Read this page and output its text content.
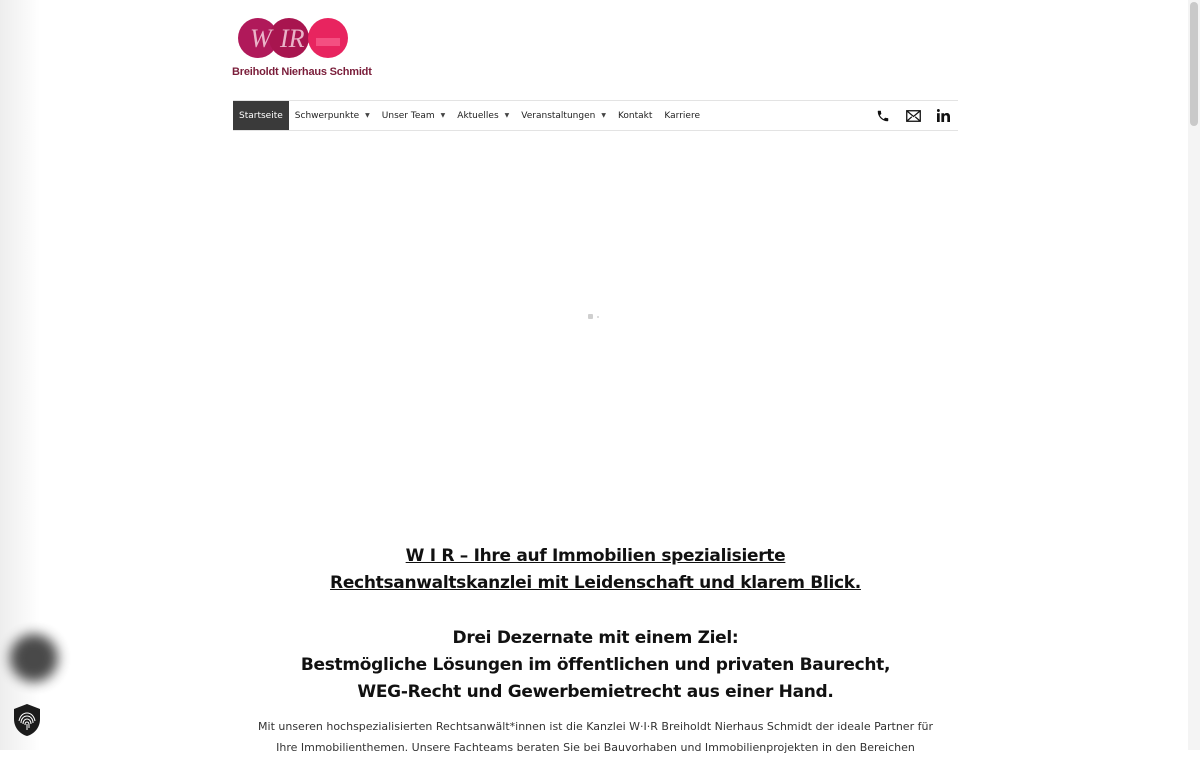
W IR
Breiholdt Nierhaus Schmidt
Startseite Schwerpunkte ▼ Unser Team ▼ Aktuelles ▼ Veranstaltungen ▼ Kontakt Karriere
W I R – Ihre auf Immobilien spezialisierte
Rechtsanwaltskanzlei mit Leidenschaft und klarem Blick.
Drei Dezernate mit einem Ziel:
Bestmögliche Lösungen im öffentlichen und privaten Baurecht,
WEG-Recht und Gewerbemietrecht aus einer Hand.
Mit unseren hochspezialisierten Rechtsanwält*innen ist die Kanzlei W·I·R Breiholdt Nierhaus Schmidt der ideale Partner für
Ihre Immobilienthemen. Unsere Fachteams beraten Sie bei Bauvorhaben und Immobilienprojekten in den Bereichen
